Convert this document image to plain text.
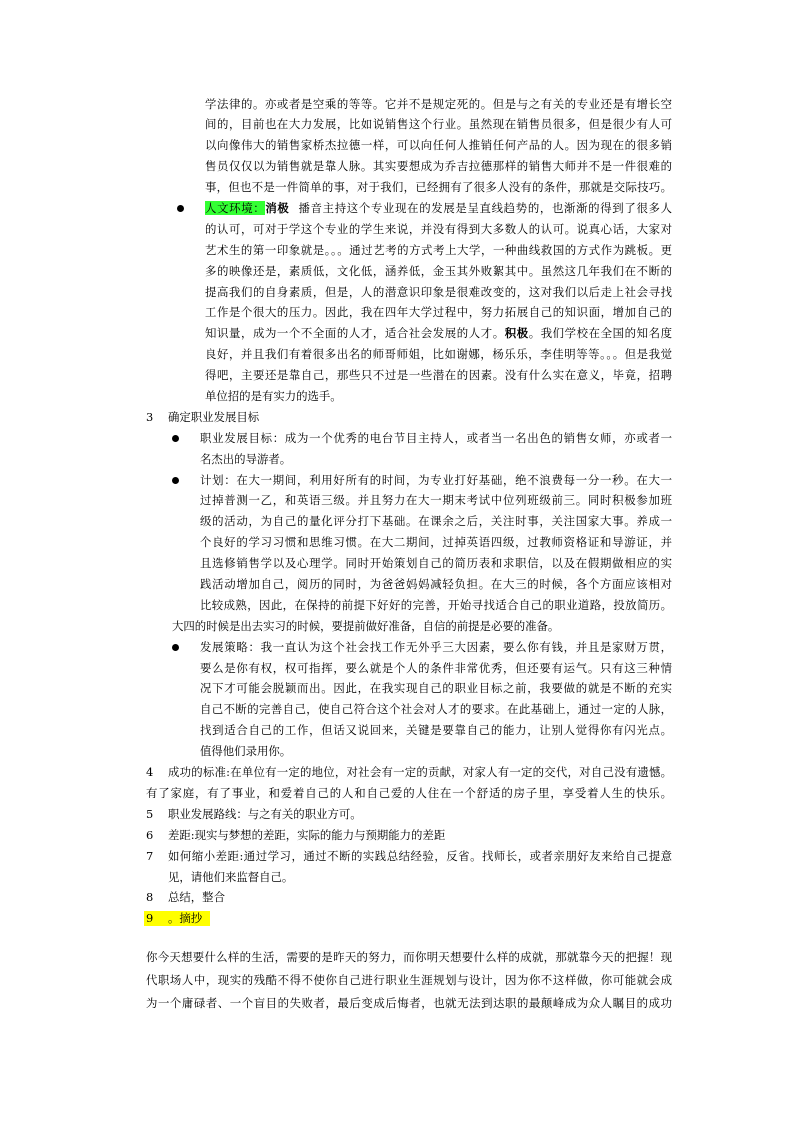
学法律的。亦或者是空乘的等等。它并不是规定死的。但是与之有关的专业还是有增长空
间的，目前也在大力发展，比如说销售这个行业。虽然现在销售员很多，但是很少有人可
以向像伟大的销售家桥杰拉德一样，可以向任何人推销任何产品的人。因为现在的很多销
售员仅仅以为销售就是靠人脉。其实要想成为乔吉拉德那样的销售大师并不是一件很难的
事，但也不是一件简单的事，对于我们，已经拥有了很多人没有的条件，那就是交际技巧。
人文环境：消极 播音主持这个专业现在的发展是呈直线趋势的，也渐渐的得到了很多人
的认可，可对于学这个专业的学生来说，并没有得到大多数人的认可。说真心话，大家对
艺术生的第一印象就是。。。通过艺考的方式考上大学，一种曲线救国的方式作为跳板。更
多的映像还是，素质低，文化低，涵养低，金玉其外败絮其中。虽然这几年我们在不断的
提高我们的自身素质，但是，人的潜意识印象是很难改变的，这对我们以后走上社会寻找
工作是个很大的压力。因此，我在四年大学过程中，努力拓展自己的知识面，增加自己的
知识量，成为一个不全面的人才，适合社会发展的人才。积极。我们学校在全国的知名度
良好，并且我们有着很多出名的师哥师姐，比如谢娜，杨乐乐，李佳明等等。。。但是我觉
得吧，主要还是靠自己，那些只不过是一些潜在的因素。没有什么实在意义，毕竟，招聘
单位招的是有实力的选手。
3 确定职业发展目标
职业发展目标：成为一个优秀的电台节目主持人，或者当一名出色的销售女师，亦或者一
名杰出的导游者。
计划：在大一期间，利用好所有的时间，为专业打好基础，绝不浪费每一分一秒。在大一
过掉普测一乙，和英语三级。并且努力在大一期末考试中位列班级前三。同时积极参加班
级的活动，为自己的量化评分打下基础。在课余之后，关注时事，关注国家大事。养成一
个良好的学习习惯和思维习惯。在大二期间，过掉英语四级，过教师资格证和导游证，并
且选修销售学以及心理学。同时开始策划自己的简历表和求职信，以及在假期做相应的实
践活动增加自己，阅历的同时，为爸爸妈妈减轻负担。在大三的时候，各个方面应该相对
比较成熟，因此，在保持的前提下好好的完善，开始寻找适合自己的职业道路，投放简历。
大四的时候是出去实习的时候，要提前做好准备，自信的前提是必要的准备。
发展策略：我一直认为这个社会找工作无外乎三大因素，要么你有钱，并且是家财万贯，
要么是你有权，权可指挥，要么就是个人的条件非常优秀，但还要有运气。只有这三种情
况下才可能会脱颖而出。因此，在我实现自己的职业目标之前，我要做的就是不断的充实
自己不断的完善自己，使自己符合这个社会对人才的要求。在此基础上，通过一定的人脉，
找到适合自己的工作，但话又说回来，关键是要靠自己的能力，让别人觉得你有闪光点。
值得他们录用你。
4 成功的标准:在单位有一定的地位，对社会有一定的贡献，对家人有一定的交代，对自己没有遗憾。
有了家庭，有了事业，和爱着自己的人和自己爱的人住在一个舒适的房子里，享受着人生的快乐。
5 职业发展路线：与之有关的职业方可。
6 差距:现实与梦想的差距，实际的能力与预期能力的差距
7 如何缩小差距:通过学习，通过不断的实践总结经验，反省。找师长，或者亲朋好友来给自己提意
见，请他们来监督自己。
8 总结，整合
9 。摘抄
你今天想要什么样的生活，需要的是昨天的努力，而你明天想要什么样的成就，那就靠今天的把握！现
代职场人中，现实的残酷不得不使你自己进行职业生涯规划与设计，因为你不这样做，你可能就会成
为一个庸碌者、一个盲目的失败者，最后变成后悔者，也就无法到达职的最颠峰成为众人瞩目的成功
